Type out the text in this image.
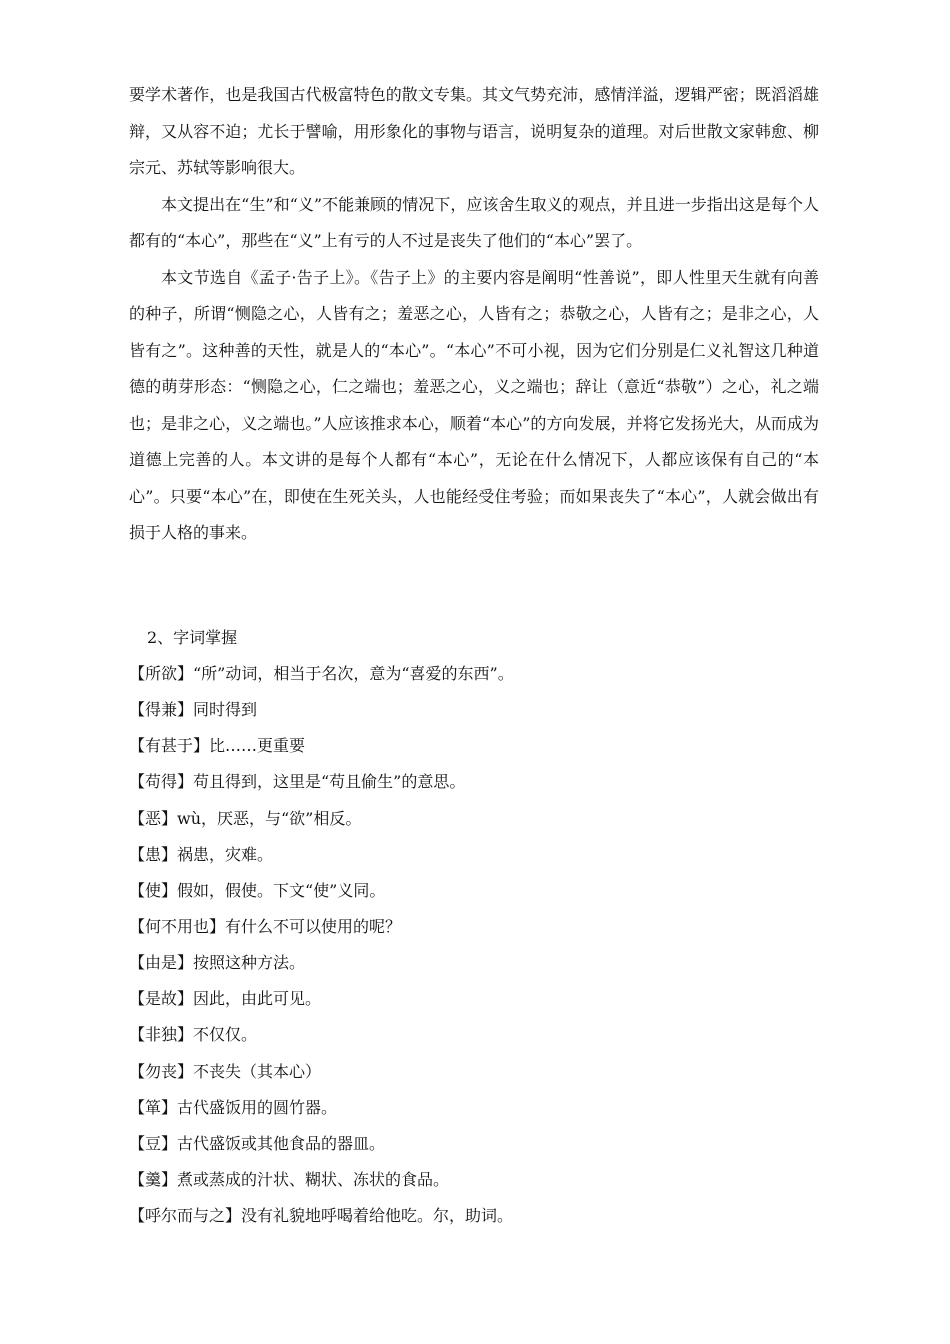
要学术著作，也是我国古代极富特色的散文专集。其文气势充沛，感情洋溢，逻辑严密；既滔滔雄辩，又从容不迫；尤长于譬喻，用形象化的事物与语言，说明复杂的道理。对后世散文家韩愈、柳宗元、苏轼等影响很大。

本文提出在“生”和“义”不能兼顾的情况下，应该舍生取义的观点，并且进一步指出这是每个人都有的“本心”，那些在“义”上有亏的人不过是丧失了他们的“本心”罢了。

本文节选自《孟子·告子上》。《告子上》的主要内容是阐明“性善说”，即人性里天生就有向善的种子，所谓“恻隐之心，人皆有之；羞恶之心，人皆有之；恭敬之心，人皆有之；是非之心，人皆有之”。这种善的天性，就是人的“本心”。“本心”不可小视，因为它们分别是仁义礼智这几种道德的萌芽形态：“恻隐之心，仁之端也；羞恶之心，义之端也；辞让（意近“恭敬”）之心，礼之端也；是非之心，义之端也。”人应该推求本心，顺着“本心”的方向发展，并将它发扬光大，从而成为道德上完善的人。本文讲的是每个人都有“本心”，无论在什么情况下，人都应该保有自己的“本心”。只要“本心”在，即使在生死关头，人也能经受住考验；而如果丧失了“本心”，人就会做出有损于人格的事来。

2、字词掌握

【所欲】“所”动词，相当于名次，意为“喜爱的东西”。
【得兼】同时得到
【有甚于】比……更重要
【苟得】苟且得到，这里是“苟且偷生”的意思。
【恶】wù，厌恶，与“欲”相反。
【患】祸患，灾难。
【使】假如，假使。下文“使”义同。
【何不用也】有什么不可以使用的呢？
【由是】按照这种方法。
【是故】因此，由此可见。
【非独】不仅仅。
【勿丧】不丧失（其本心）
【箪】古代盛饭用的圆竹器。
【豆】古代盛饭或其他食品的器皿。
【羹】煮或蒸成的汁状、糊状、冻状的食品。
【呼尔而与之】没有礼貌地呼喝着给他吃。尔，助词。
